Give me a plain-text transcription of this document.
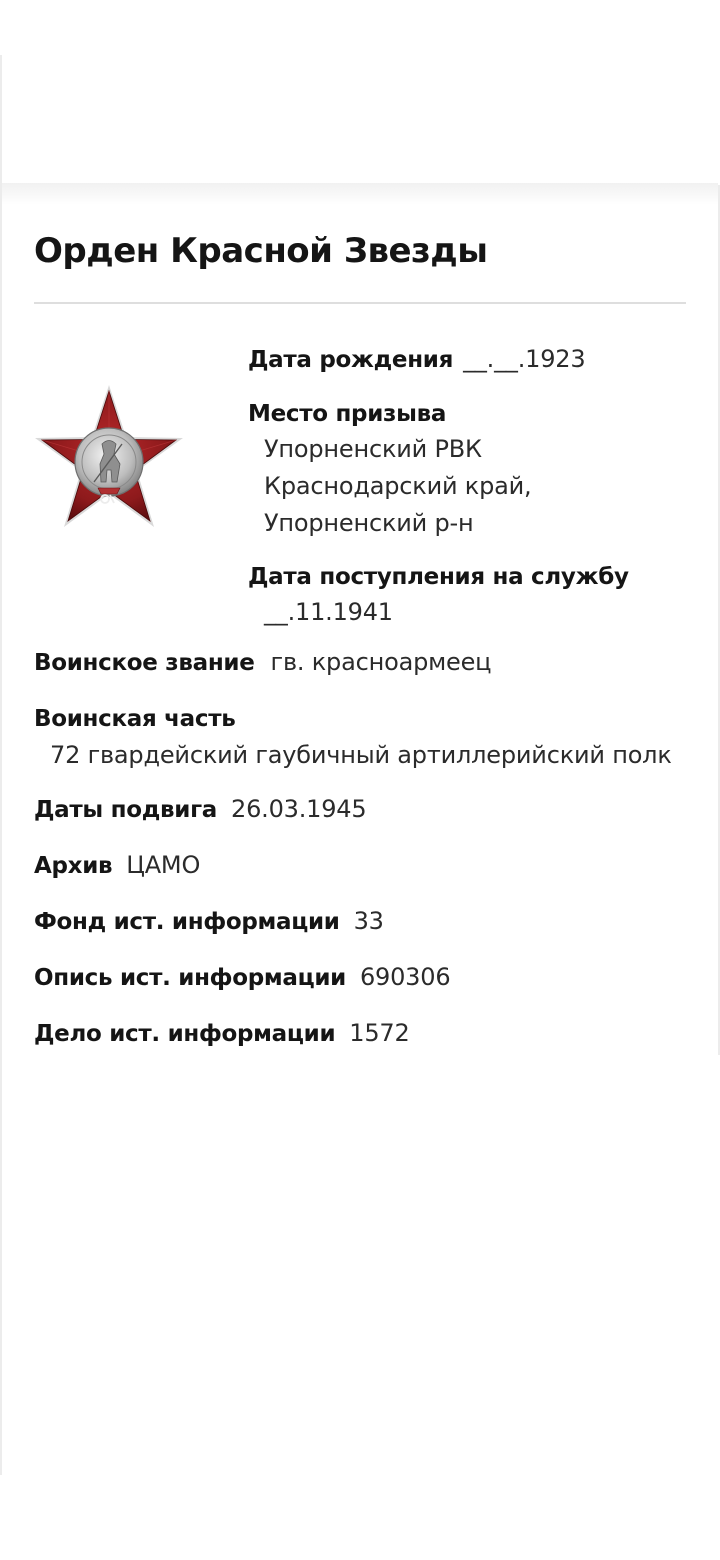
Орден Красной Звезды
Дата рождения __.__.1923
Место призыва
Упорненский РВК
Краснодарский край,
Упорненский р-н
Дата поступления на службу
__.11.1941
Воинское звание гв. красноармеец
Воинская часть
72 гвардейский гаубичный артиллерийский полк
Даты подвига 26.03.1945
Архив ЦАМО
Фонд ист. информации 33
Опись ист. информации 690306
Дело ист. информации 1572
